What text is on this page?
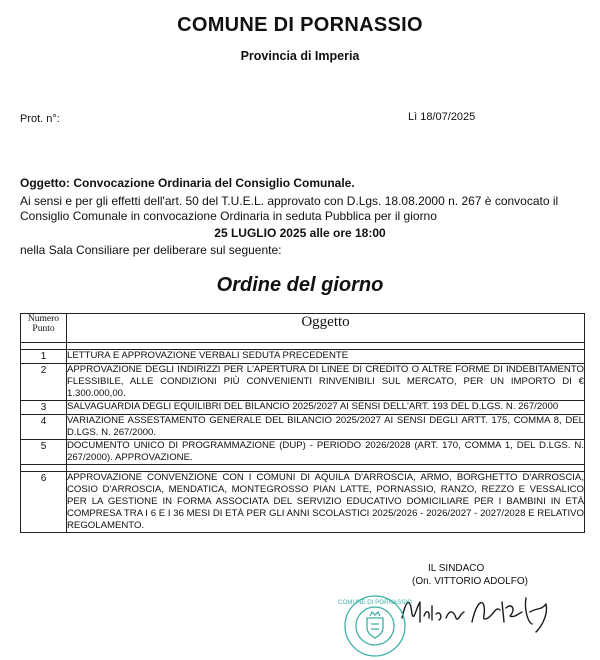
COMUNE DI PORNASSIO
Provincia di Imperia
Prot. n°:	Lì 18/07/2025
Oggetto: Convocazione Ordinaria del Consiglio Comunale.
Ai sensi e per gli effetti dell'art. 50 del T.U.E.L. approvato con D.Lgs. 18.08.2000 n. 267 è convocato il Consiglio Comunale in convocazione Ordinaria in seduta Pubblica per il giorno
25 LUGLIO 2025 alle ore 18:00
nella Sala Consiliare per deliberare sul seguente:
Ordine del giorno
Numero Punto	Oggetto

1	LETTURA E APPROVAZIONE VERBALI SEDUTA PRECEDENTE
2	APPROVAZIONE DEGLI INDIRIZZI PER L'APERTURA DI LINEE DI CREDITO O ALTRE FORME DI INDEBITAMENTO FLESSIBILE, ALLE CONDIZIONI PIÙ CONVENIENTI RINVENIBILI SUL MERCATO, PER UN IMPORTO DI € 1.300.000,00.
3	SALVAGUARDIA DEGLI EQUILIBRI DEL BILANCIO 2025/2027 AI SENSI DELL'ART. 193 DEL D.LGS. N. 267/2000
4	VARIAZIONE ASSESTAMENTO GENERALE DEL BILANCIO 2025/2027 AI SENSI DEGLI ARTT. 175, COMMA 8, DEL D.LGS. N. 267/2000.
5	DOCUMENTO UNICO DI PROGRAMMAZIONE (DUP) - PERIODO 2026/2028 (ART. 170, COMMA 1, DEL D.LGS. N. 267/2000). APPROVAZIONE.

6	APPROVAZIONE CONVENZIONE CON I COMUNI DI AQUILA D'ARROSCIA, ARMO, BORGHETTO D'ARROSCIA, COSIO D'ARROSCIA, MENDATICA, MONTEGROSSO PIAN LATTE, PORNASSIO, RANZO, REZZO E VESSALICO PER LA GESTIONE IN FORMA ASSOCIATA DEL SERVIZIO EDUCATIVO DOMICILIARE PER I BAMBINI IN ETÀ COMPRESA TRA I 6 E I 36 MESI DI ETÀ PER GLI ANNI SCOLASTICI 2025/2026 - 2026/2027 - 2027/2028 E RELATIVO REGOLAMENTO.
IL SINDACO
(On. VITTORIO ADOLFO)
COMUNE DI PORNASSIO
